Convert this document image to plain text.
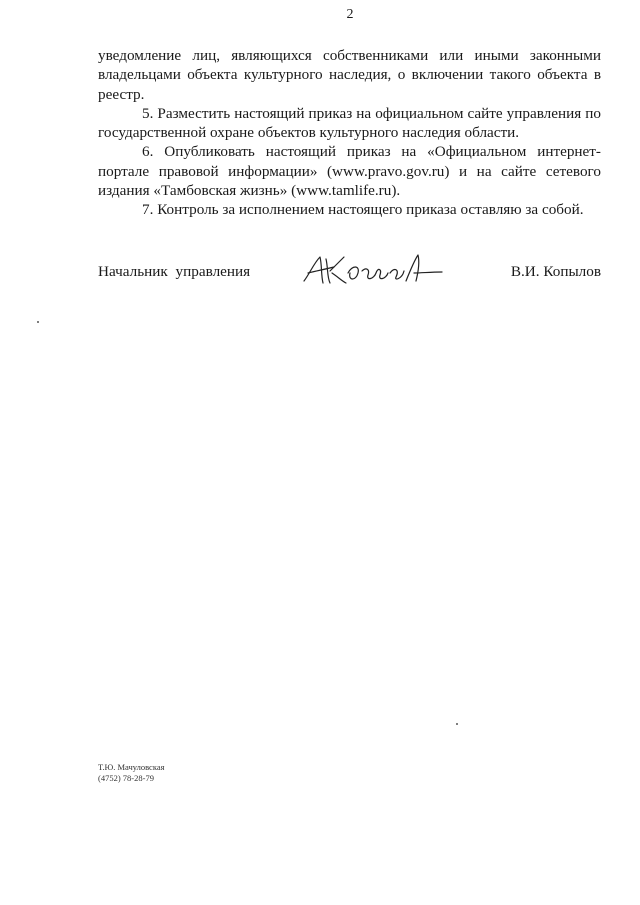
2

уведомление лиц, являющихся собственниками или иными законными владельцами объекта культурного наследия, о включении такого объекта в реестр.

5. Разместить настоящий приказ на официальном сайте управления по государственной охране объектов культурного наследия области.

6. Опубликовать настоящий приказ на «Официальном интернет-портале правовой информации» (www.pravo.gov.ru) и на сайте сетевого издания «Тамбовская жизнь» (www.tamlife.ru).

7. Контроль за исполнением настоящего приказа оставляю за собой.

Начальник управления	В.И. Копылов
Т.Ю. Мачуловская
(4752) 78-28-79
